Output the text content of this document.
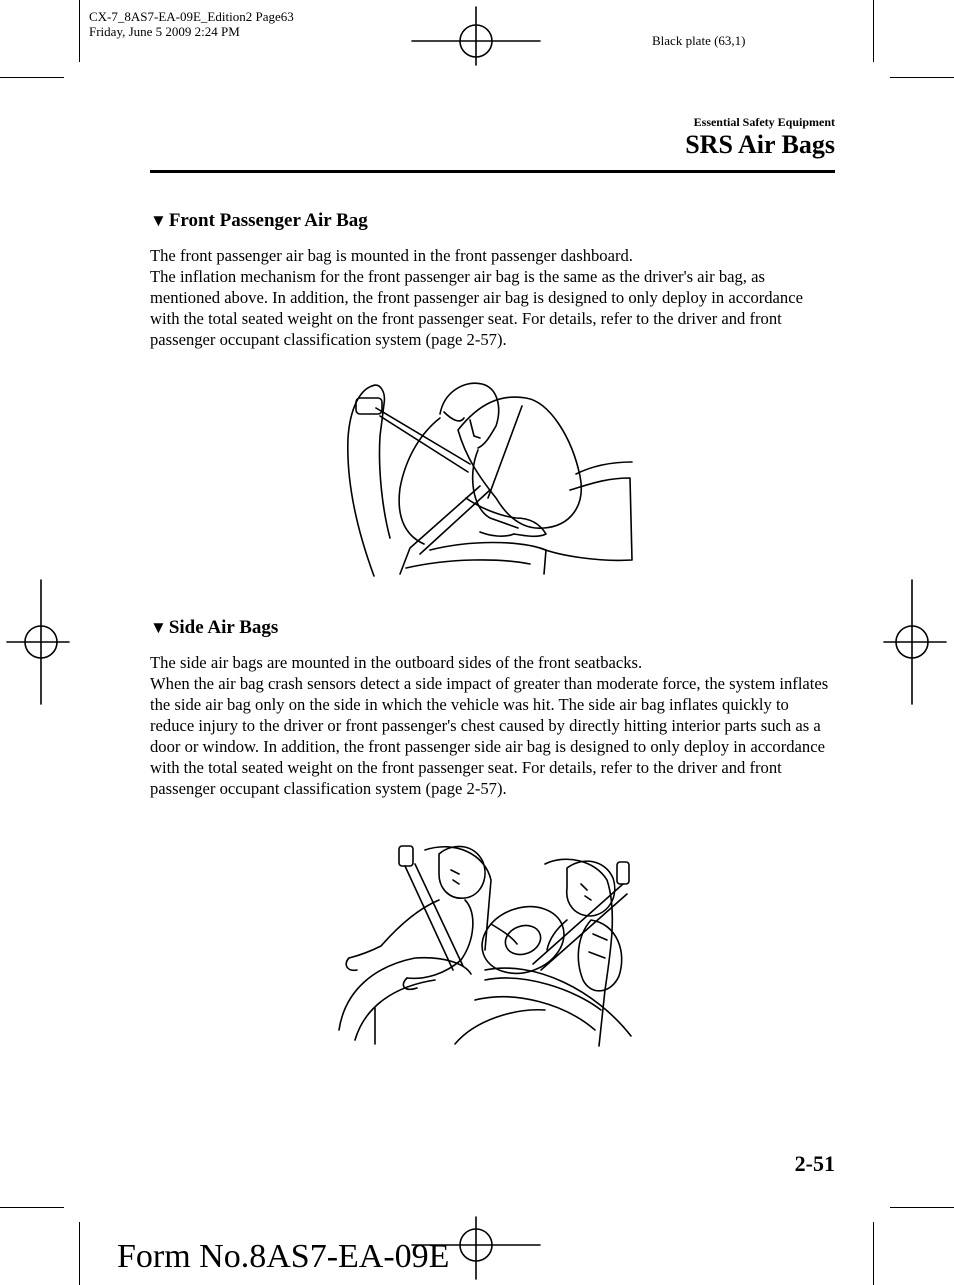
CX-7_8AS7-EA-09E_Edition2 Page63
Friday, June 5 2009 2:24 PM
Black plate (63,1)
Essential Safety Equipment
SRS Air Bags
▼ Front Passenger Air Bag

The front passenger air bag is mounted in the front passenger dashboard.

The inflation mechanism for the front passenger air bag is the same as the driver's air bag, as mentioned above. In addition, the front passenger air bag is designed to only deploy in accordance with the total seated weight on the front passenger seat. For details, refer to the driver and front passenger occupant classification system (page 2-57).

▼ Side Air Bags

The side air bags are mounted in the outboard sides of the front seatbacks.

When the air bag crash sensors detect a side impact of greater than moderate force, the system inflates the side air bag only on the side in which the vehicle was hit. The side air bag inflates quickly to reduce injury to the driver or front passenger's chest caused by directly hitting interior parts such as a door or window. In addition, the front passenger side air bag is designed to only deploy in accordance with the total seated weight on the front passenger seat. For details, refer to the driver and front passenger occupant classification system (page 2-57).

2-51
Form No.8AS7-EA-09E
